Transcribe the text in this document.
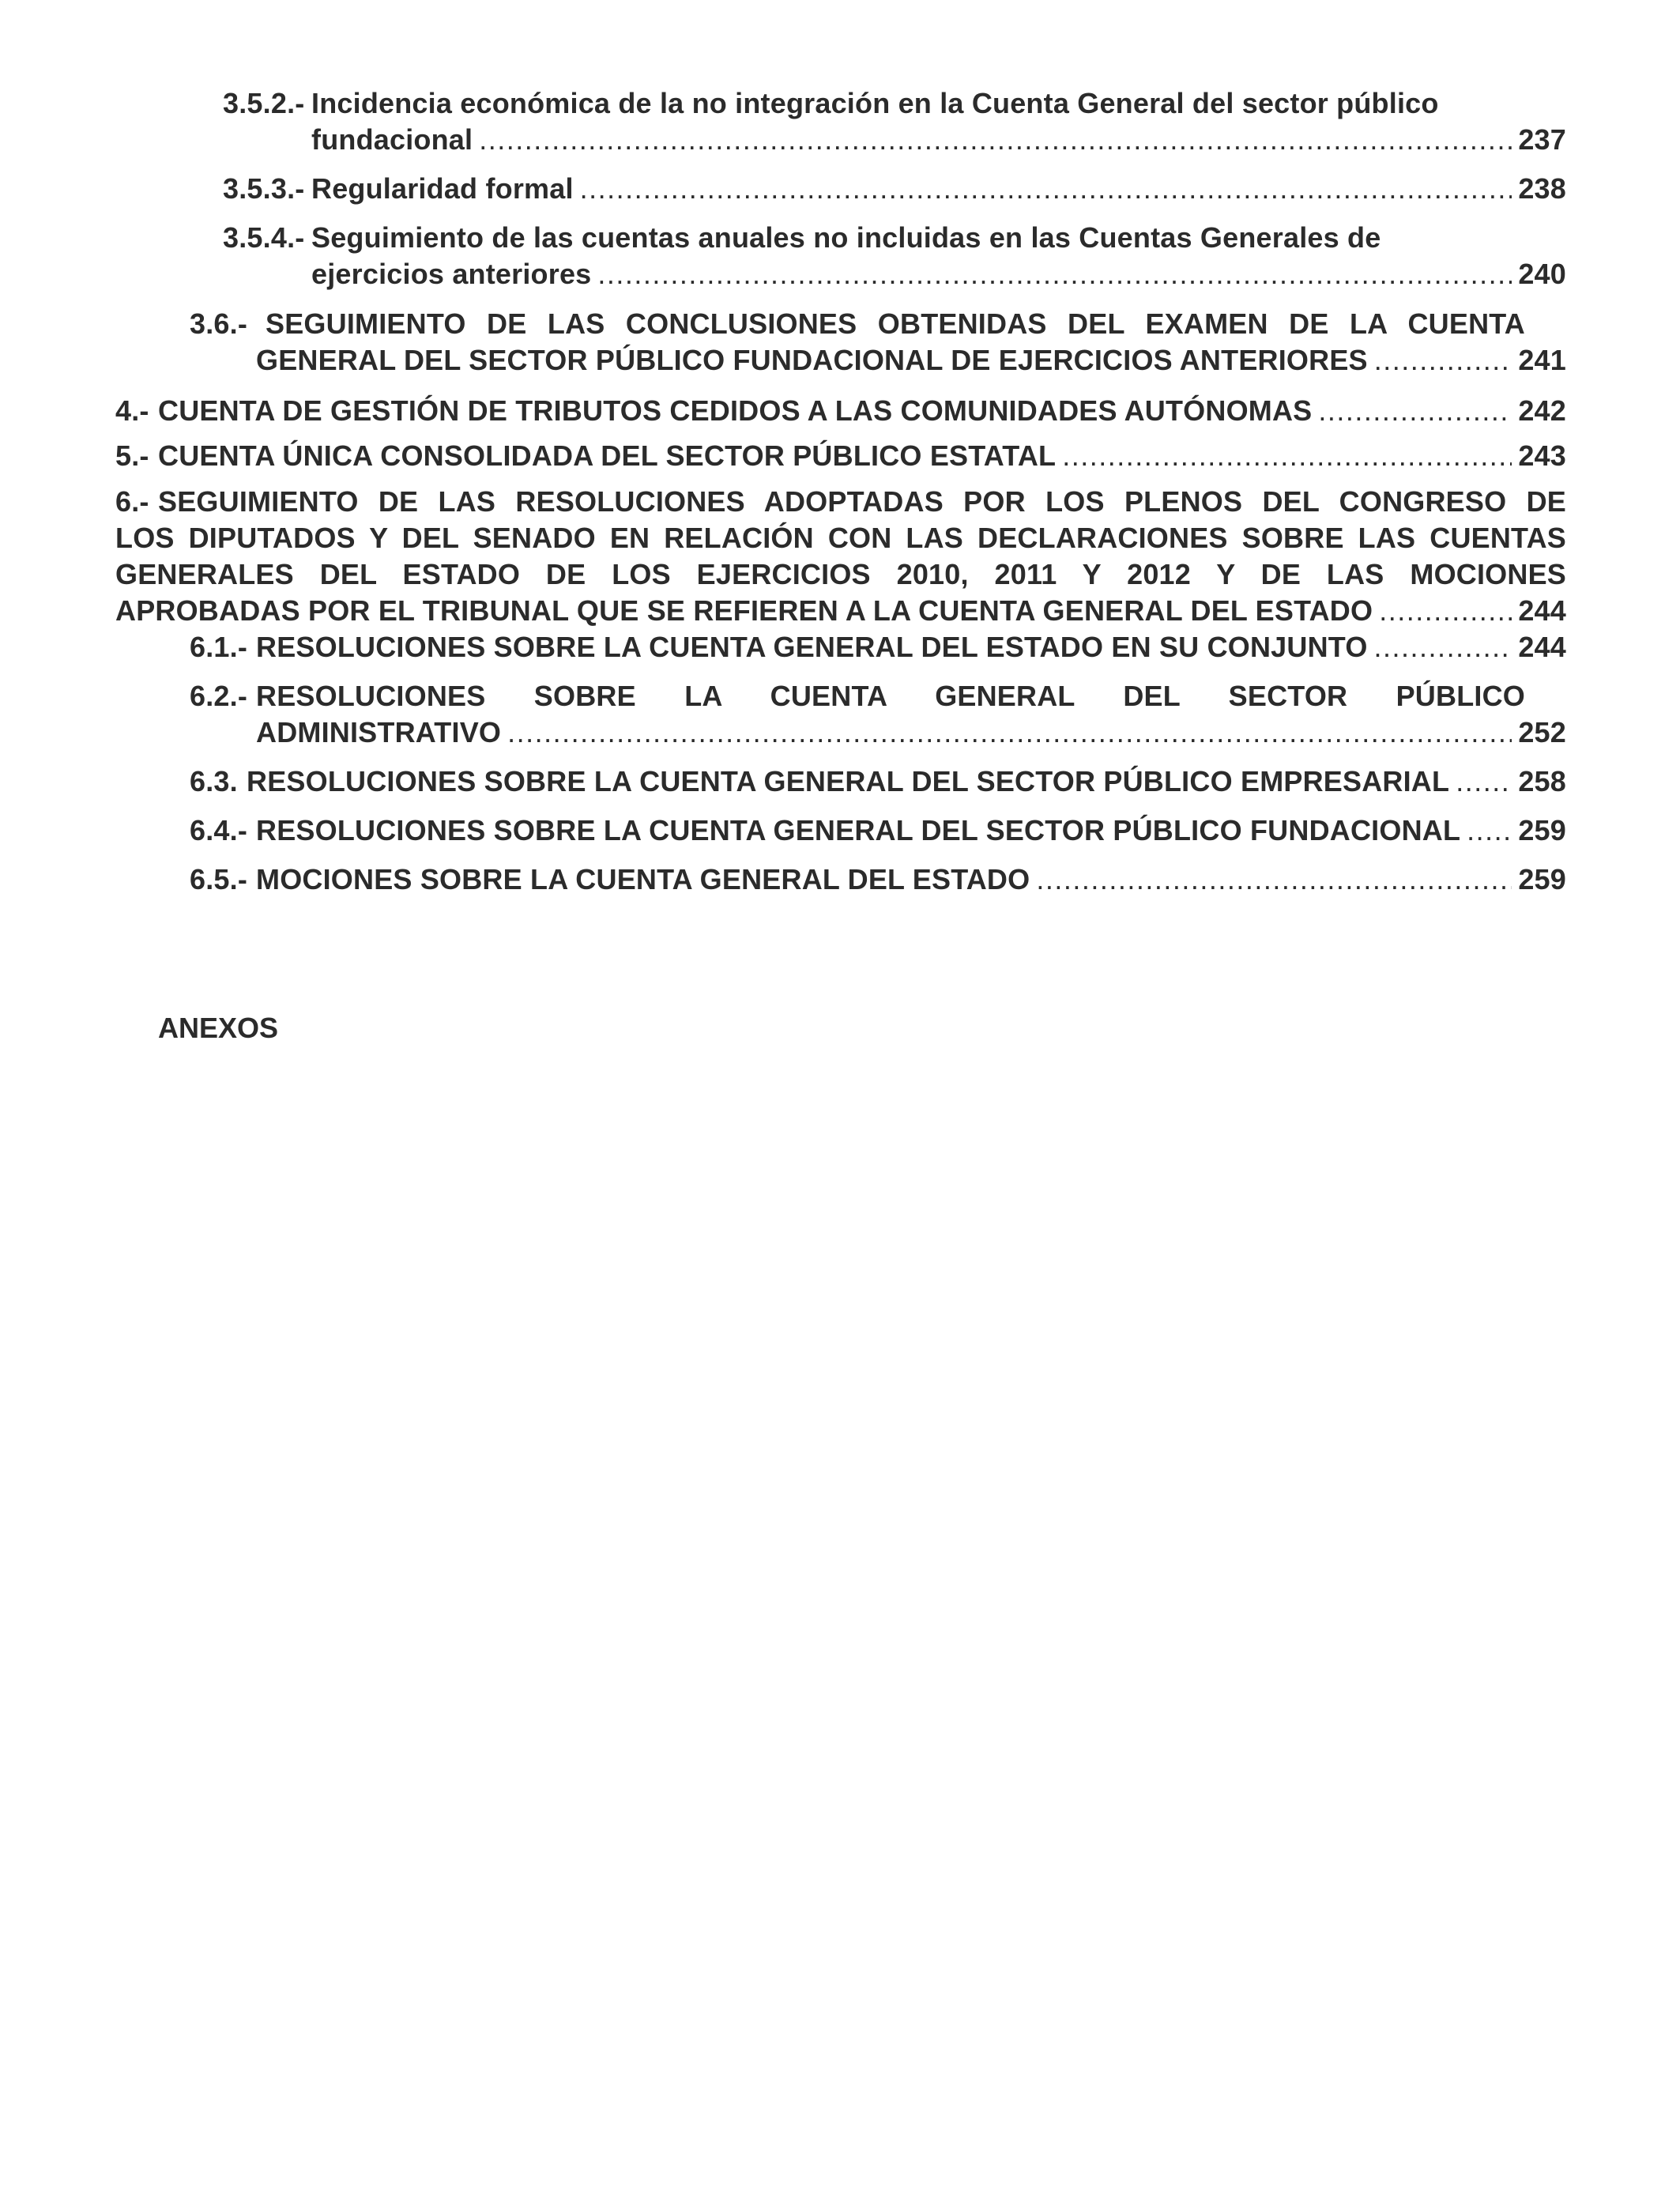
3.5.2.- Incidencia económica de la no integración en la Cuenta General del sector público
fundacional .....	237
3.5.3.- Regularidad formal .....	238
3.5.4.- Seguimiento de las cuentas anuales no incluidas en las Cuentas Generales de
ejercicios anteriores .....	240
3.6.- SEGUIMIENTO DE LAS CONCLUSIONES OBTENIDAS DEL EXAMEN DE LA CUENTA
GENERAL DEL SECTOR PÚBLICO FUNDACIONAL DE EJERCICIOS ANTERIORES .....	241
4.- CUENTA DE GESTIÓN DE TRIBUTOS CEDIDOS A LAS COMUNIDADES AUTÓNOMAS .....	242
5.- CUENTA ÚNICA CONSOLIDADA DEL SECTOR PÚBLICO ESTATAL .....	243
6.- SEGUIMIENTO DE LAS RESOLUCIONES ADOPTADAS POR LOS PLENOS DEL CONGRESO DE
LOS DIPUTADOS Y DEL SENADO EN RELACIÓN CON LAS DECLARACIONES SOBRE LAS CUENTAS
GENERALES DEL ESTADO DE LOS EJERCICIOS 2010, 2011 Y 2012 Y DE LAS MOCIONES
APROBADAS POR EL TRIBUNAL QUE SE REFIEREN A LA CUENTA GENERAL DEL ESTADO .....	244
6.1.- RESOLUCIONES SOBRE LA CUENTA GENERAL DEL ESTADO EN SU CONJUNTO .....	244
6.2.- RESOLUCIONES SOBRE LA CUENTA GENERAL DEL SECTOR PÚBLICO
ADMINISTRATIVO .....	252
6.3. RESOLUCIONES SOBRE LA CUENTA GENERAL DEL SECTOR PÚBLICO EMPRESARIAL ..... 258
6.4.- RESOLUCIONES SOBRE LA CUENTA GENERAL DEL SECTOR PÚBLICO FUNDACIONAL ..... 259
6.5.- MOCIONES SOBRE LA CUENTA GENERAL DEL ESTADO .....	259
ANEXOS
